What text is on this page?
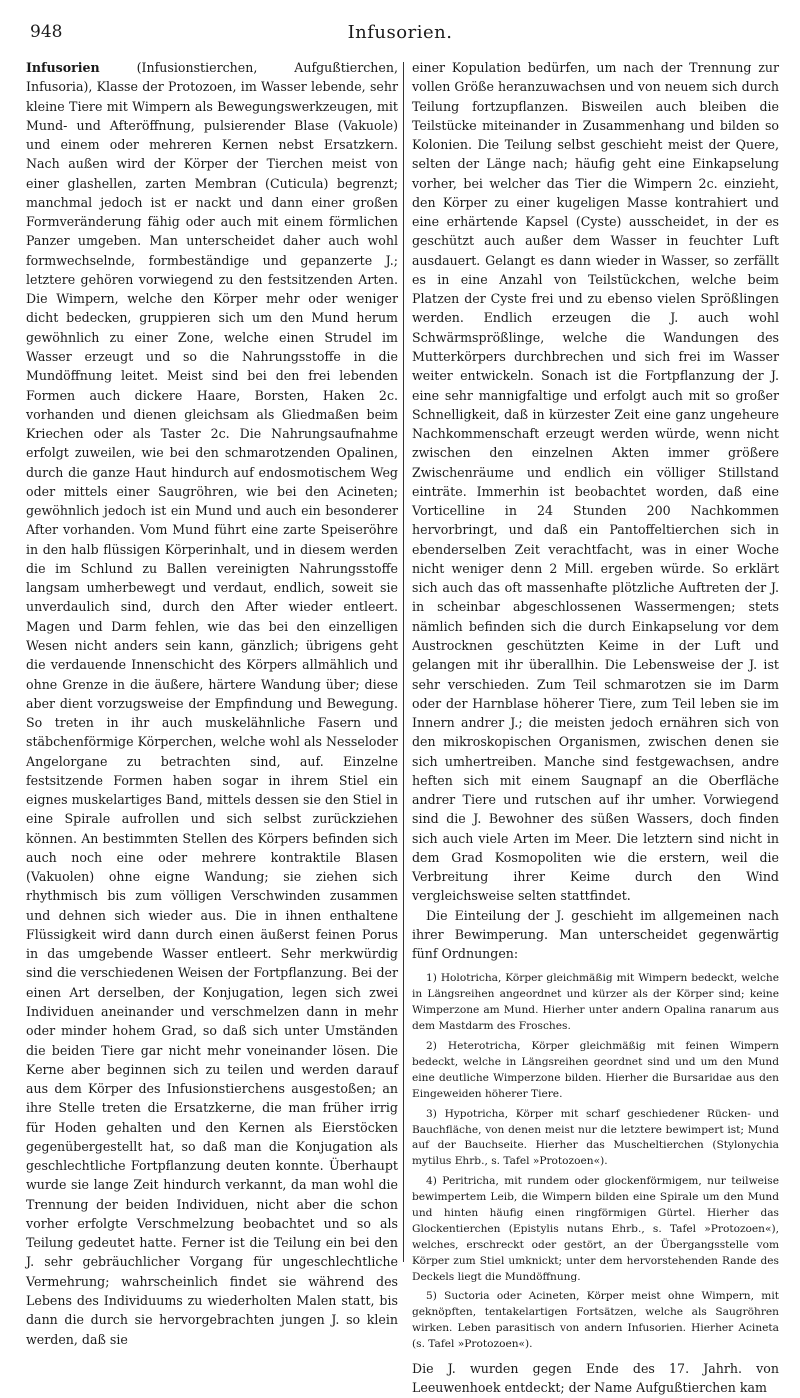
948	Infusorien.

Infusorien	(Infusionstierchen, Aufgußtierchen, Infusoria), Klasse der Protozoen, im Wasser lebende, sehr kleine Tiere mit Wimpern als Bewegungswerkzeugen, mit Mund- und Afteröffnung, pulsierender Blase (Vakuole) und einem oder mehreren Kernen nebst Ersatzkern. Nach außen wird der Körper der Tierchen meist von einer glashellen, zarten Membran (Cuticula) begrenzt; manchmal jedoch ist er nackt und dann einer großen Formveränderung fähig oder auch mit einem förmlichen Panzer umgeben. Man unterscheidet daher auch wohl formwechselnde, formbeständige und gepanzerte J.; letztere gehören vorwiegend zu den festsitzenden Arten. Die Wimpern, welche den Körper mehr oder weniger dicht bedecken, gruppieren sich um den Mund herum gewöhnlich zu einer Zone, welche einen Strudel im Wasser erzeugt und so die Nahrungsstoffe in die Mundöffnung leitet. Meist sind bei den frei lebenden Formen auch dickere Haare, Borsten, Haken 2c. vorhanden und dienen gleichsam als Gliedmaßen beim Kriechen oder als Taster 2c. Die Nahrungsaufnahme erfolgt zuweilen, wie bei den schmarotzenden Opalinen, durch die ganze Haut hindurch auf endosmotischem Weg oder mittels einer Saugröhren, wie bei den Acineten; gewöhnlich jedoch ist ein Mund und auch ein besonderer After vorhanden. Vom Mund führt eine zarte Speiseröhre in den halb flüssigen Körperinhalt, und in diesem werden die im Schlund zu Ballen vereinigten Nahrungsstoffe langsam umherbewegt und verdaut, endlich, soweit sie unverdaulich sind, durch den After wieder entleert. Magen und Darm fehlen, wie das bei den einzelligen Wesen nicht anders sein kann, gänzlich; übrigens geht die verdauende Innenschicht des Körpers allmählich und ohne Grenze in die äußere, härtere Wandung über; diese aber dient vorzugsweise der Empfindung und Bewegung. So treten in ihr auch muskelähnliche Fasern und stäbchenförmige Körperchen, welche wohl als Nesseloder Angelorgane zu betrachten sind, auf. Einzelne festsitzende Formen haben sogar in ihrem Stiel ein eignes muskelartiges Band, mittels dessen sie den Stiel in eine Spirale aufrollen und sich selbst zurückziehen können. An bestimmten Stellen des Körpers befinden sich auch noch eine oder mehrere kontraktile Blasen (Vakuolen) ohne eigne Wandung; sie ziehen sich rhythmisch bis zum völligen Verschwinden zusammen und dehnen sich wieder aus. Die in ihnen enthaltene Flüssigkeit wird dann durch einen äußerst feinen Porus in das umgebende Wasser entleert. Sehr merkwürdig sind die verschiedenen Weisen der Fortpflanzung. Bei der einen Art derselben, der Konjugation, legen sich zwei Individuen aneinander und verschmelzen dann in mehr oder minder hohem Grad, so daß sich unter Umständen die beiden Tiere gar nicht mehr voneinander lösen. Die Kerne aber beginnen sich zu teilen und werden darauf aus dem Körper des Infusionstierchens ausgestoßen; an ihre Stelle treten die Ersatzkerne, die man früher irrig für Hoden gehalten und den Kernen als Eierstöcken gegenübergestellt hat, so daß man die Konjugation als geschlechtliche Fortpflanzung deuten konnte. Überhaupt wurde sie lange Zeit hindurch verkannt, da man wohl die Trennung der beiden Individuen, nicht aber die schon vorher erfolgte Verschmelzung beobachtet und so als Teilung gedeutet hatte. Ferner ist die Teilung ein bei den J. sehr gebräuchlicher Vorgang für ungeschlechtliche Vermehrung; wahrscheinlich findet sie während des Lebens des Individuums zu wiederholten Malen statt, bis dann die durch sie hervorgebrachten jungen J. so klein werden, daß sie

einer Kopulation bedürfen, um nach der Trennung zur vollen Größe heranzuwachsen und von neuem sich durch Teilung fortzupflanzen. Bisweilen auch bleiben die Teilstücke miteinander in Zusammenhang und bilden so Kolonien. Die Teilung selbst geschieht meist der Quere, selten der Länge nach; häufig geht eine Einkapselung vorher, bei welcher das Tier die Wimpern 2c. einzieht, den Körper zu einer kugeligen Masse kontrahiert und eine erhärtende Kapsel (Cyste) ausscheidet, in der es geschützt auch außer dem Wasser in feuchter Luft ausdauert. Gelangt es dann wieder in Wasser, so zerfällt es in eine Anzahl von Teilstückchen, welche beim Platzen der Cyste frei und zu ebenso vielen Sprößlingen werden. Endlich erzeugen die J. auch wohl Schwärmsprößlinge, welche die Wandungen des Mutterkörpers durchbrechen und sich frei im Wasser weiter entwickeln. Sonach ist die Fortpflanzung der J. eine sehr mannigfaltige und erfolgt auch mit so großer Schnelligkeit, daß in kürzester Zeit eine ganz ungeheure Nachkommenschaft erzeugt werden würde, wenn nicht zwischen den einzelnen Akten immer größere Zwischenräume und endlich ein völliger Stillstand einträte. Immerhin ist beobachtet worden, daß eine Vorticelline in 24 Stunden 200 Nachkommen hervorbringt, und daß ein Pantoffeltierchen sich in ebenderselben Zeit verachtfacht, was in einer Woche nicht weniger denn 2 Mill. ergeben würde. So erklärt sich auch das oft massenhafte plötzliche Auftreten der J. in scheinbar abgeschlossenen Wassermengen; stets nämlich befinden sich die durch Einkapselung vor dem Austrocknen geschützten Keime in der Luft und gelangen mit ihr überallhin. Die Lebensweise der J. ist sehr verschieden. Zum Teil schmarotzen sie im Darm oder der Harnblase höherer Tiere, zum Teil leben sie im Innern andrer J.; die meisten jedoch ernähren sich von den mikroskopischen Organismen, zwischen denen sie sich umhertreiben. Manche sind festgewachsen, andre heften sich mit einem Saugnapf an die Oberfläche andrer Tiere und rutschen auf ihr umher. Vorwiegend sind die J. Bewohner des süßen Wassers, doch finden sich auch viele Arten im Meer. Die letztern sind nicht in dem Grad Kosmopoliten wie die erstern, weil die Verbreitung ihrer Keime durch den Wind vergleichsweise selten stattfindet.

Die Einteilung der J. geschieht im allgemeinen nach ihrer Bewimperung. Man unterscheidet gegenwärtig fünf Ordnungen:

1) Holotricha, Körper gleichmäßig mit Wimpern bedeckt, welche in Längsreihen angeordnet und kürzer als der Körper sind; keine Wimperzone am Mund. Hierher unter andern Opalina ranarum aus dem Mastdarm des Frosches.

2) Heterotricha, Körper gleichmäßig mit feinen Wimpern bedeckt, welche in Längsreihen geordnet sind und um den Mund eine deutliche Wimperzone bilden. Hierher die Bursaridae aus den Eingeweiden höherer Tiere.

3) Hypotricha, Körper mit scharf geschiedener Rücken- und Bauchfläche, von denen meist nur die letztere bewimpert ist; Mund auf der Bauchseite. Hierher das Muscheltierchen (Stylonychia mytilus Ehrb., s. Tafel »Protozoen«).

4) Peritricha, mit rundem oder glockenförmigem, nur teilweise bewimpertem Leib, die Wimpern bilden eine Spirale um den Mund und hinten häufig einen ringförmigen Gürtel. Hierher das Glockentierchen (Epistylis nutans Ehrb., s. Tafel »Protozoen«), welches, erschreckt oder gestört, an der Übergangsstelle vom Körper zum Stiel umknickt; unter dem hervorstehenden Rande des Deckels liegt die Mundöffnung.

5) Suctoria oder Acineten, Körper meist ohne Wimpern, mit geknöpften, tentakelartigen Fortsätzen, welche als Saugröhren wirken. Leben parasitisch von andern Infusorien. Hierher Acineta (s. Tafel »Protozoen«).

Die J. wurden gegen Ende des 17. Jahrh. von Leeuwenhoek entdeckt; der Name Aufgußtierchen kam
